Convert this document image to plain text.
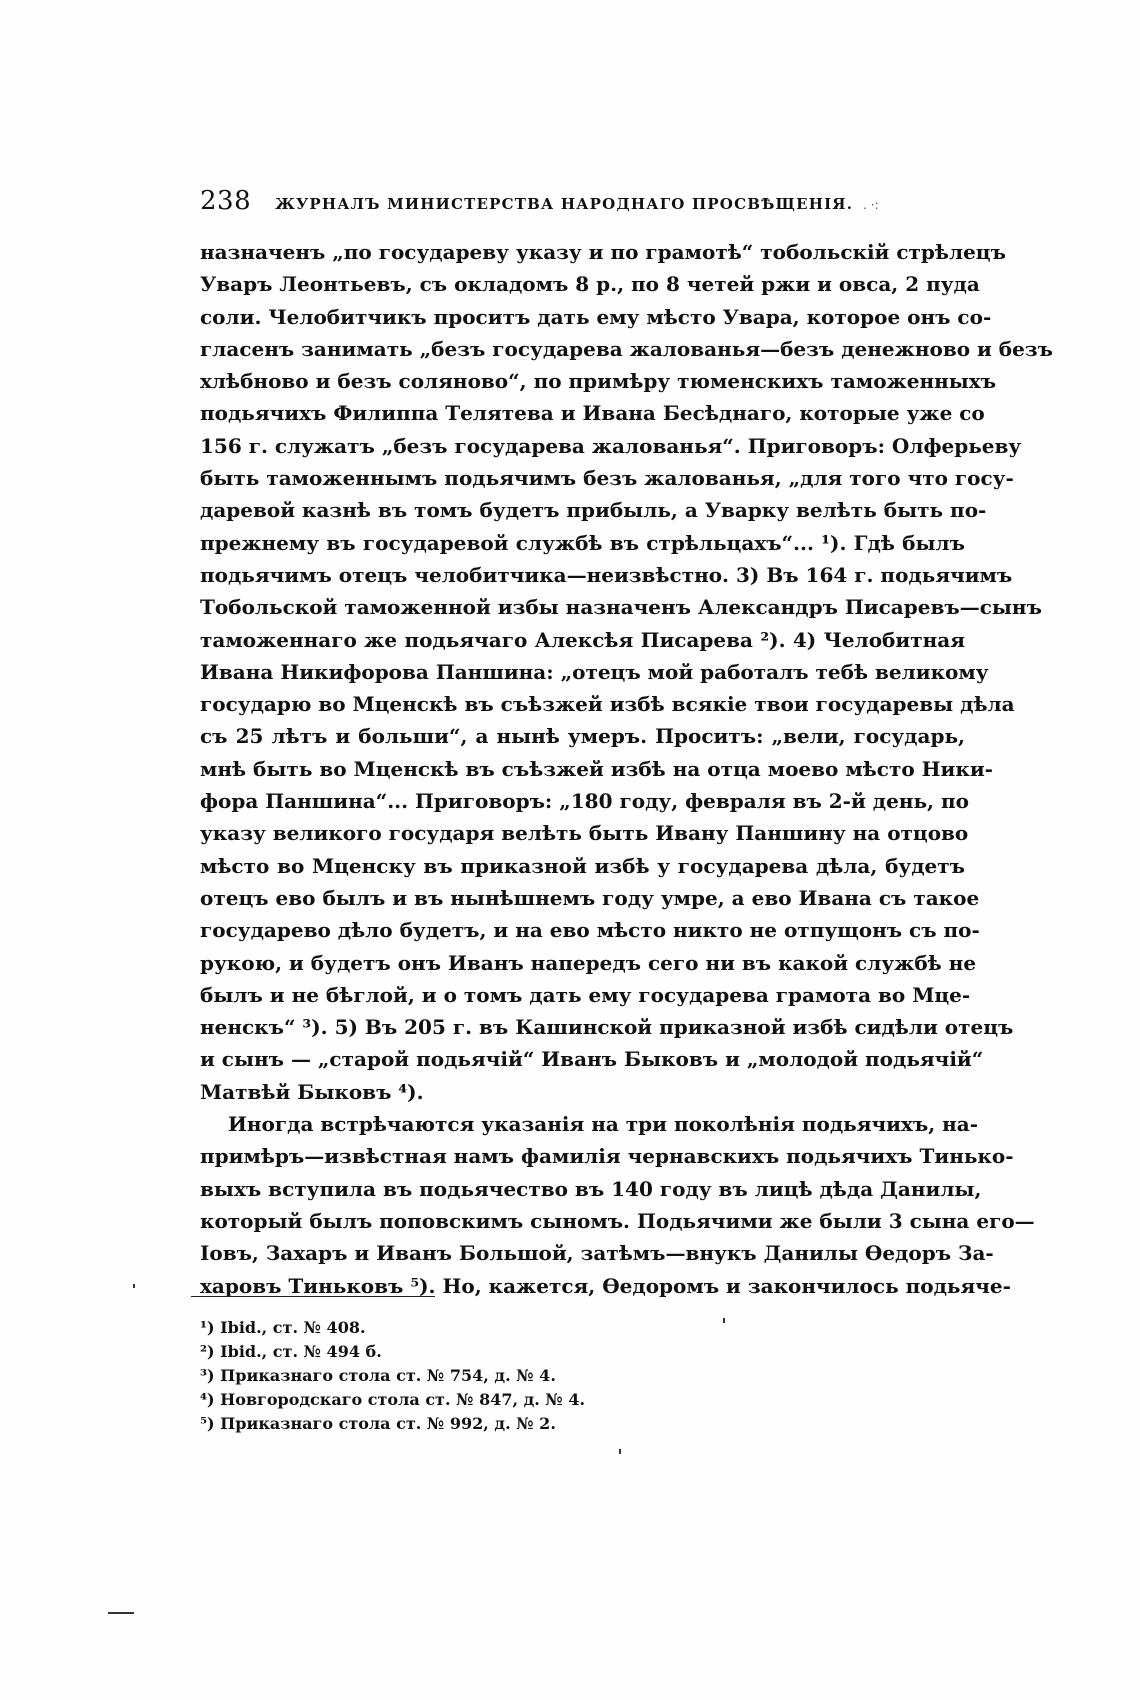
238 ЖУРНАЛЪ МИНИСТЕРСТВА НАРОДНАГО ПРОСВѢЩЕНІЯ. . ·:
назначенъ „по государеву указу и по грамотѣ“ тобольскій стрѣлецъ
Уваръ Леонтьевъ, съ окладомъ 8 р., по 8 четей ржи и овса, 2 пуда
соли. Челобитчикъ проситъ дать ему мѣсто Увара, которое онъ со-
гласенъ занимать „безъ государева жалованья—безъ денежново и безъ
хлѣбново и безъ соляново“, по примѣру тюменскихъ таможенныхъ
подьячихъ Филиппа Телятева и Ивана Бесѣднаго, которые уже со
156 г. служатъ „безъ государева жалованья“. Приговоръ: Олферьеву
быть таможеннымъ подьячимъ безъ жалованья, „для того что госу-
даревой казнѣ въ томъ будетъ прибыль, а Уварку велѣть быть по-
прежнему въ государевой службѣ въ стрѣльцахъ“... ¹). Гдѣ былъ
подьячимъ отецъ челобитчика—неизвѣстно. 3) Въ 164 г. подьячимъ
Тобольской таможенной избы назначенъ Александръ Писаревъ—сынъ
таможеннаго же подьячаго Алексѣя Писарева ²). 4) Челобитная
Ивана Никифорова Паншина: „отецъ мой работалъ тебѣ великому
государю во Мценскѣ въ съѣзжей избѣ всякіе твои государевы дѣла
съ 25 лѣтъ и больши“, а нынѣ умеръ. Проситъ: „вели, государь,
мнѣ быть во Мценскѣ въ съѣзжей избѣ на отца моево мѣсто Ники-
фора Паншина“... Приговоръ: „180 году, февраля въ 2-й день, по
указу великого государя велѣть быть Ивану Паншину на отцово
мѣсто во Мценску въ приказной избѣ у государева дѣла, будетъ
отецъ ево былъ и въ нынѣшнемъ году умре, а ево Ивана съ такое
государево дѣло будетъ, и на ево мѣсто никто не отпущонъ съ по-
рукою, и будетъ онъ Иванъ напередъ сего ни въ какой службѣ не
былъ и не бѣглой, и о томъ дать ему государева грамота во Мце-
ненскъ“ ³). 5) Въ 205 г. въ Кашинской приказной избѣ сидѣли отецъ
и сынъ — „старой подьячій“ Иванъ Быковъ и „молодой подьячій“
Матвѣй Быковъ ⁴).
Иногда встрѣчаются указанія на три поколѣнія подьячихъ, на-
примѣръ—извѣстная намъ фамилія чернавскихъ подьячихъ Тинько-
выхъ вступила въ подьячество въ 140 году въ лицѣ дѣда Данилы,
который былъ поповскимъ сыномъ. Подьячими же были 3 сына его—
Іовъ, Захаръ и Иванъ Большой, затѣмъ—внукъ Данилы Ѳедоръ За-
харовъ Тиньковъ ⁵). Но, кажется, Ѳедоромъ и закончилось подьяче-
¹) Ibid., ст. № 408.
²) Ibid., ст. № 494 б.
³) Приказнаго стола ст. № 754, д. № 4.
⁴) Новгородскаго стола ст. № 847, д. № 4.
⁵) Приказнаго стола ст. № 992, д. № 2.
